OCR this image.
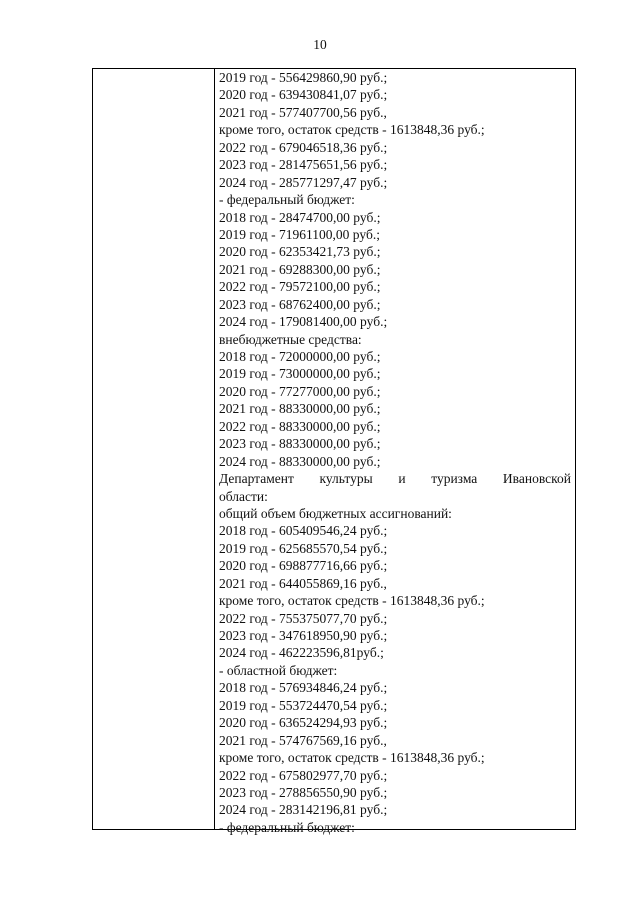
10
2019 год - 556429860,90 руб.;
2020 год - 639430841,07 руб.;
2021 год - 577407700,56 руб.,
кроме того, остаток средств - 1613848,36 руб.;
2022 год - 679046518,36 руб.;
2023 год - 281475651,56 руб.;
2024 год - 285771297,47 руб.;
- федеральный бюджет:
2018 год - 28474700,00 руб.;
2019 год - 71961100,00 руб.;
2020 год - 62353421,73 руб.;
2021 год - 69288300,00 руб.;
2022 год - 79572100,00 руб.;
2023 год - 68762400,00 руб.;
2024 год - 179081400,00 руб.;
внебюджетные средства:
2018 год - 72000000,00 руб.;
2019 год - 73000000,00 руб.;
2020 год - 77277000,00 руб.;
2021 год - 88330000,00 руб.;
2022 год - 88330000,00 руб.;
2023 год - 88330000,00 руб.;
2024 год - 88330000,00 руб.;
Департамент культуры и туризма Ивановской
области:
общий объем бюджетных ассигнований:
2018 год - 605409546,24 руб.;
2019 год - 625685570,54 руб.;
2020 год - 698877716,66 руб.;
2021 год - 644055869,16 руб.,
кроме того, остаток средств - 1613848,36 руб.;
2022 год - 755375077,70 руб.;
2023 год - 347618950,90 руб.;
2024 год - 462223596,81руб.;
- областной бюджет:
2018 год - 576934846,24 руб.;
2019 год - 553724470,54 руб.;
2020 год - 636524294,93 руб.;
2021 год - 574767569,16 руб.,
кроме того, остаток средств - 1613848,36 руб.;
2022 год - 675802977,70 руб.;
2023 год - 278856550,90 руб.;
2024 год - 283142196,81 руб.;
- федеральный бюджет:
